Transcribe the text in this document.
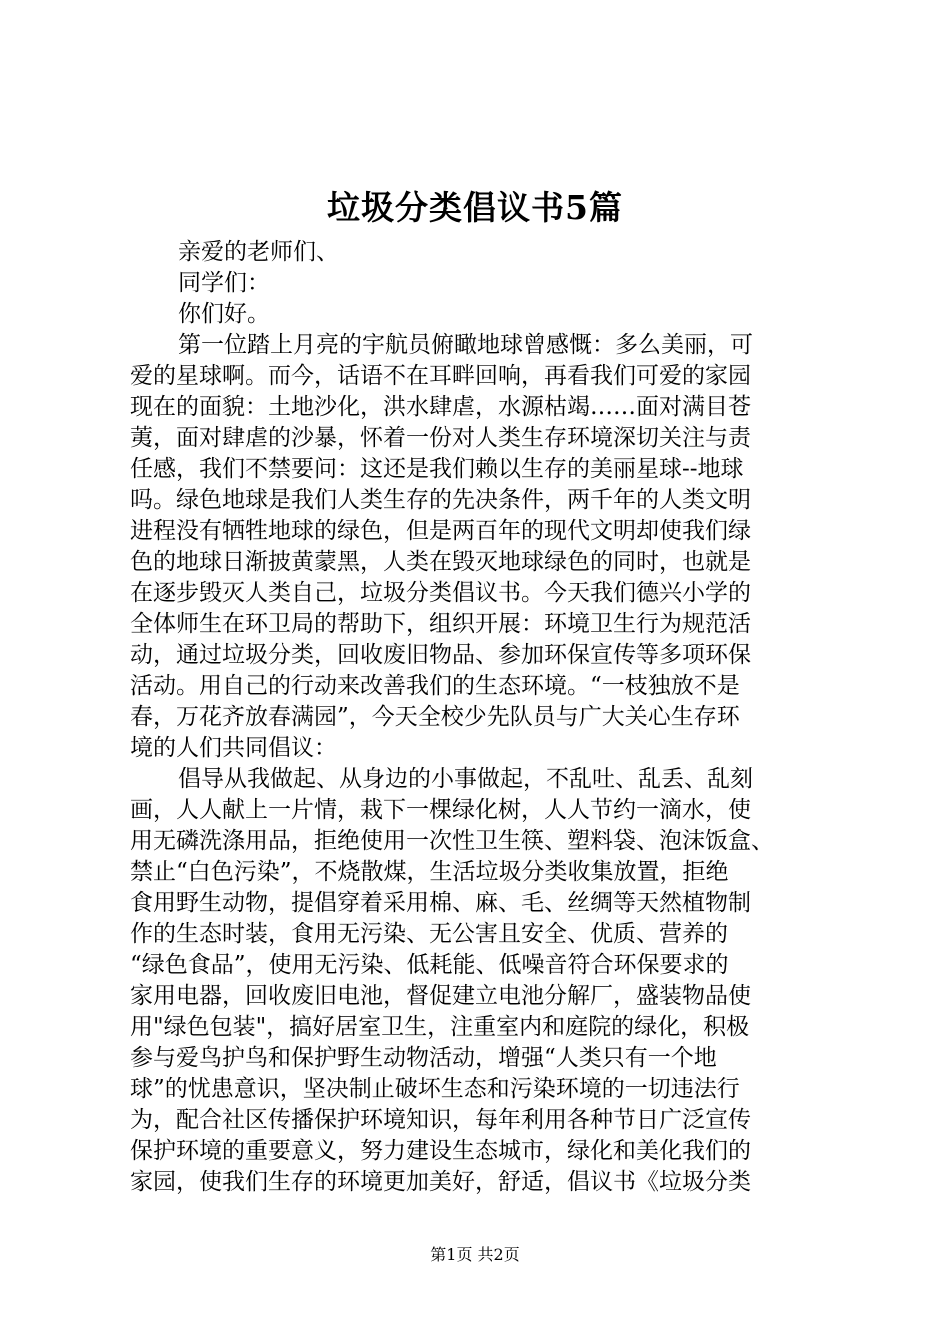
垃圾分类倡议书5篇
亲爱的老师们、
同学们：
你们好。
第一位踏上月亮的宇航员俯瞰地球曾感慨：多么美丽，可
爱的星球啊。而今，话语不在耳畔回响，再看我们可爱的家园
现在的面貌：土地沙化，洪水肆虐，水源枯竭……面对满目苍
荑，面对肆虐的沙暴，怀着一份对人类生存环境深切关注与责
任感，我们不禁要问：这还是我们赖以生存的美丽星球--地球
吗。绿色地球是我们人类生存的先决条件，两千年的人类文明
进程没有牺牲地球的绿色，但是两百年的现代文明却使我们绿
色的地球日渐披黄蒙黑，人类在毁灭地球绿色的同时，也就是
在逐步毁灭人类自己，垃圾分类倡议书。今天我们德兴小学的
全体师生在环卫局的帮助下，组织开展：环境卫生行为规范活
动，通过垃圾分类，回收废旧物品、参加环保宣传等多项环保
活动。用自己的行动来改善我们的生态环境。“一枝独放不是
春，万花齐放春满园”，今天全校少先队员与广大关心生存环
境的人们共同倡议：
倡导从我做起、从身边的小事做起，不乱吐、乱丢、乱刻
画，人人献上一片情，栽下一棵绿化树，人人节约一滴水，使
用无磷洗涤用品，拒绝使用一次性卫生筷、塑料袋、泡沫饭盒、
禁止“白色污染”，不烧散煤，生活垃圾分类收集放置，拒绝
食用野生动物，提倡穿着采用棉、麻、毛、丝绸等天然植物制
作的生态时装，食用无污染、无公害且安全、优质、营养的
“绿色食品”，使用无污染、低耗能、低噪音符合环保要求的
家用电器，回收废旧电池，督促建立电池分解厂，盛装物品使
用"绿色包装"，搞好居室卫生，注重室内和庭院的绿化，积极
参与爱鸟护鸟和保护野生动物活动，增强“人类只有一个地
球”的忧患意识，坚决制止破坏生态和污染环境的一切违法行
为，配合社区传播保护环境知识，每年利用各种节日广泛宣传
保护环境的重要意义，努力建设生态城市，绿化和美化我们的
家园，使我们生存的环境更加美好，舒适，倡议书《垃圾分类
第1页 共2页
